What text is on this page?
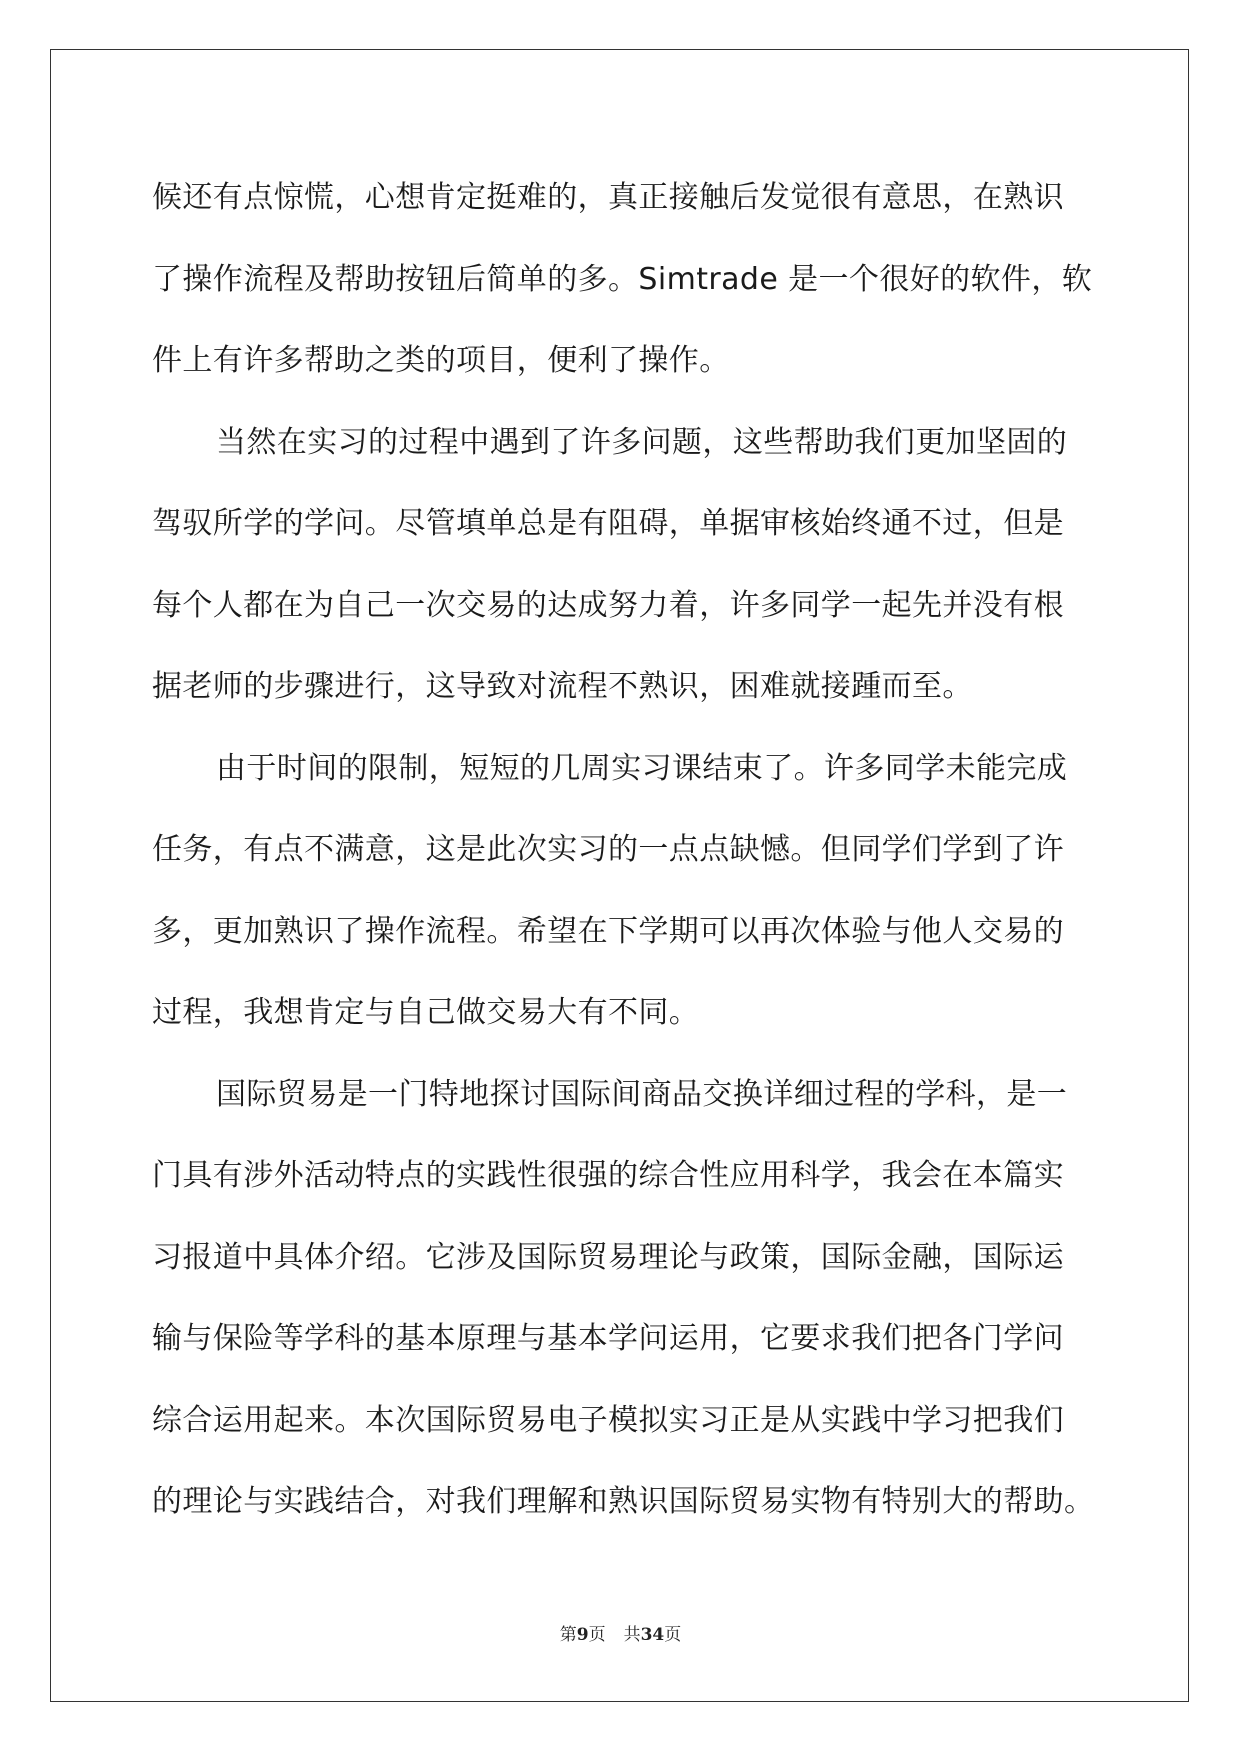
候还有点惊慌，心想肯定挺难的，真正接触后发觉很有意思，在熟识
了操作流程及帮助按钮后简单的多。Simtrade 是一个很好的软件，软
件上有许多帮助之类的项目，便利了操作。
当然在实习的过程中遇到了许多问题，这些帮助我们更加坚固的
驾驭所学的学问。尽管填单总是有阻碍，单据审核始终通不过，但是
每个人都在为自己一次交易的达成努力着，许多同学一起先并没有根
据老师的步骤进行，这导致对流程不熟识，困难就接踵而至。
由于时间的限制，短短的几周实习课结束了。许多同学未能完成
任务，有点不满意，这是此次实习的一点点缺憾。但同学们学到了许
多，更加熟识了操作流程。希望在下学期可以再次体验与他人交易的
过程，我想肯定与自己做交易大有不同。
国际贸易是一门特地探讨国际间商品交换详细过程的学科，是一
门具有涉外活动特点的实践性很强的综合性应用科学，我会在本篇实
习报道中具体介绍。它涉及国际贸易理论与政策，国际金融，国际运
输与保险等学科的基本原理与基本学问运用，它要求我们把各门学问
综合运用起来。本次国际贸易电子模拟实习正是从实践中学习把我们
的理论与实践结合，对我们理解和熟识国际贸易实物有特别大的帮助。
第9页 共34页
